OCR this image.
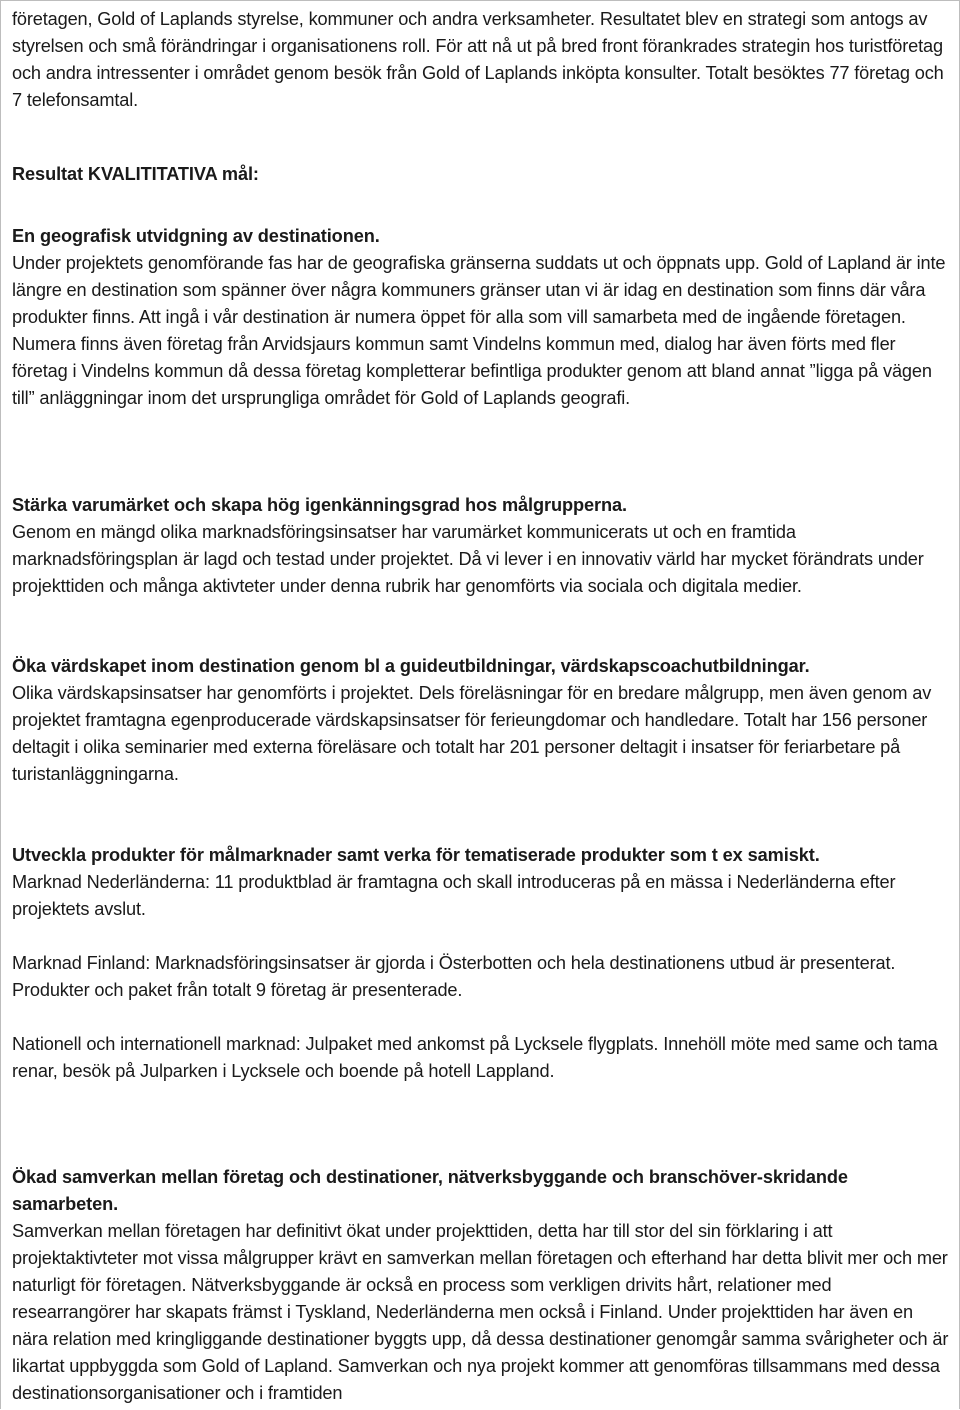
företagen, Gold of Laplands styrelse, kommuner och andra verksamheter. Resultatet blev en strategi som antogs av styrelsen och små förändringar i organisationens roll. För att nå ut på bred front förankrades strategin hos turistföretag och andra intressenter i området genom besök från Gold of Laplands inköpta konsulter. Totalt besöktes 77 företag och 7 telefonsamtal.

Resultat KVALITITATIVA mål:

En geografisk utvidgning av destinationen.

Under projektets genomförande fas har de geografiska gränserna suddats ut och öppnats upp. Gold of Lapland är inte längre en destination som spänner över några kommuners gränser utan vi är idag en destination som finns där våra produkter finns. Att ingå i vår destination är numera öppet för alla som vill samarbeta med de ingående företagen. Numera finns även företag från Arvidsjaurs kommun samt Vindelns kommun med, dialog har även förts med fler företag i Vindelns kommun då dessa företag kompletterar befintliga produkter genom att bland annat ”ligga på vägen till” anläggningar inom det ursprungliga området för Gold of Laplands geografi.

Stärka varumärket och skapa hög igenkänningsgrad hos målgrupperna.

Genom en mängd olika marknadsföringsinsatser har varumärket kommunicerats ut och en framtida marknadsföringsplan är lagd och testad under projektet. Då vi lever i en innovativ värld har mycket förändrats under projekttiden och många aktivteter under denna rubrik har genomförts via sociala och digitala medier.

Öka värdskapet inom destination genom bl a guideutbildningar, värdskapscoachutbildningar.

Olika värdskapsinsatser har genomförts i projektet. Dels föreläsningar för en bredare målgrupp, men även genom av projektet framtagna egenproducerade värdskapsinsatser för ferieungdomar och handledare. Totalt har 156 personer deltagit i olika seminarier med externa föreläsare och totalt har 201 personer deltagit i insatser för feriarbetare på turistanläggningarna.

Utveckla produkter för målmarknader samt verka för tematiserade produkter som t ex samiskt.

Marknad Nederländerna: 11 produktblad är framtagna och skall introduceras på en mässa i Nederländerna efter projektets avslut.

Marknad Finland: Marknadsföringsinsatser är gjorda i Österbotten och hela destinationens utbud är presenterat. Produkter och paket från totalt 9 företag är presenterade.

Nationell och internationell marknad: Julpaket med ankomst på Lycksele flygplats. Innehöll möte med same och tama renar, besök på Julparken i Lycksele och boende på hotell Lappland.

Ökad samverkan mellan företag och destinationer, nätverksbyggande och branschöver-skridande samarbeten.

Samverkan mellan företagen har definitivt ökat under projekttiden, detta har till stor del sin förklaring i att projektaktivteter mot vissa målgrupper krävt en samverkan mellan företagen och efterhand har detta blivit mer och mer naturligt för företagen. Nätverksbyggande är också en process som verkligen drivits hårt, relationer med researrangörer har skapats främst i Tyskland, Nederländerna men också i Finland. Under projekttiden har även en nära relation med kringliggande destinationer byggts upp, då dessa destinationer genomgår samma svårigheter och är likartat uppbyggda som Gold of Lapland. Samverkan och nya projekt kommer att genomföras tillsammans med dessa destinationsorganisationer och i framtiden
